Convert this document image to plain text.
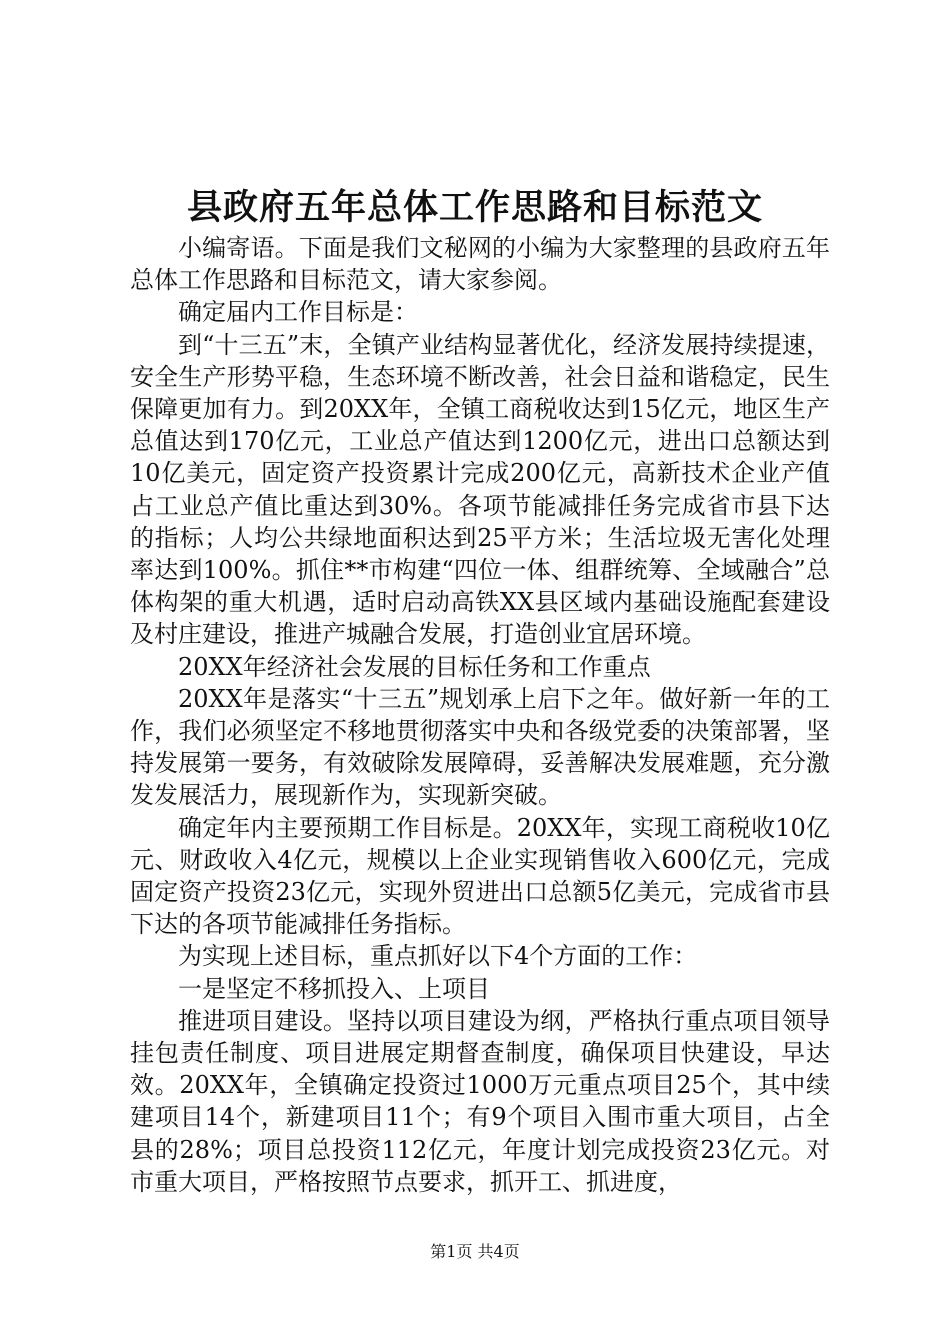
县政府五年总体工作思路和目标范文

小编寄语。下面是我们文秘网的小编为大家整理的县政府五年总体工作思路和目标范文，请大家参阅。

确定届内工作目标是：

到“十三五”末，全镇产业结构显著优化，经济发展持续提速，安全生产形势平稳，生态环境不断改善，社会日益和谐稳定，民生保障更加有力。到20XX年，全镇工商税收达到15亿元，地区生产总值达到170亿元，工业总产值达到1200亿元，进出口总额达到10亿美元，固定资产投资累计完成200亿元，高新技术企业产值占工业总产值比重达到30%。各项节能减排任务完成省市县下达的指标；人均公共绿地面积达到25平方米；生活垃圾无害化处理率达到100%。抓住**市构建“四位一体、组群统筹、全域融合”总体构架的重大机遇，适时启动高铁XX县区域内基础设施配套建设及村庄建设，推进产城融合发展，打造创业宜居环境。

20XX年经济社会发展的目标任务和工作重点

20XX年是落实“十三五”规划承上启下之年。做好新一年的工作，我们必须坚定不移地贯彻落实中央和各级党委的决策部署，坚持发展第一要务，有效破除发展障碍，妥善解决发展难题，充分激发发展活力，展现新作为，实现新突破。

确定年内主要预期工作目标是。20XX年，实现工商税收10亿元、财政收入4亿元，规模以上企业实现销售收入600亿元，完成固定资产投资23亿元，实现外贸进出口总额5亿美元，完成省市县下达的各项节能减排任务指标。

为实现上述目标，重点抓好以下4个方面的工作：

一是坚定不移抓投入、上项目

推进项目建设。坚持以项目建设为纲，严格执行重点项目领导挂包责任制度、项目进展定期督查制度，确保项目快建设，早达效。20XX年，全镇确定投资过1000万元重点项目25个，其中续建项目14个，新建项目11个；有9个项目入围市重大项目，占全县的28%；项目总投资112亿元，年度计划完成投资23亿元。对市重大项目，严格按照节点要求，抓开工、抓进度，

第1页 共4页
